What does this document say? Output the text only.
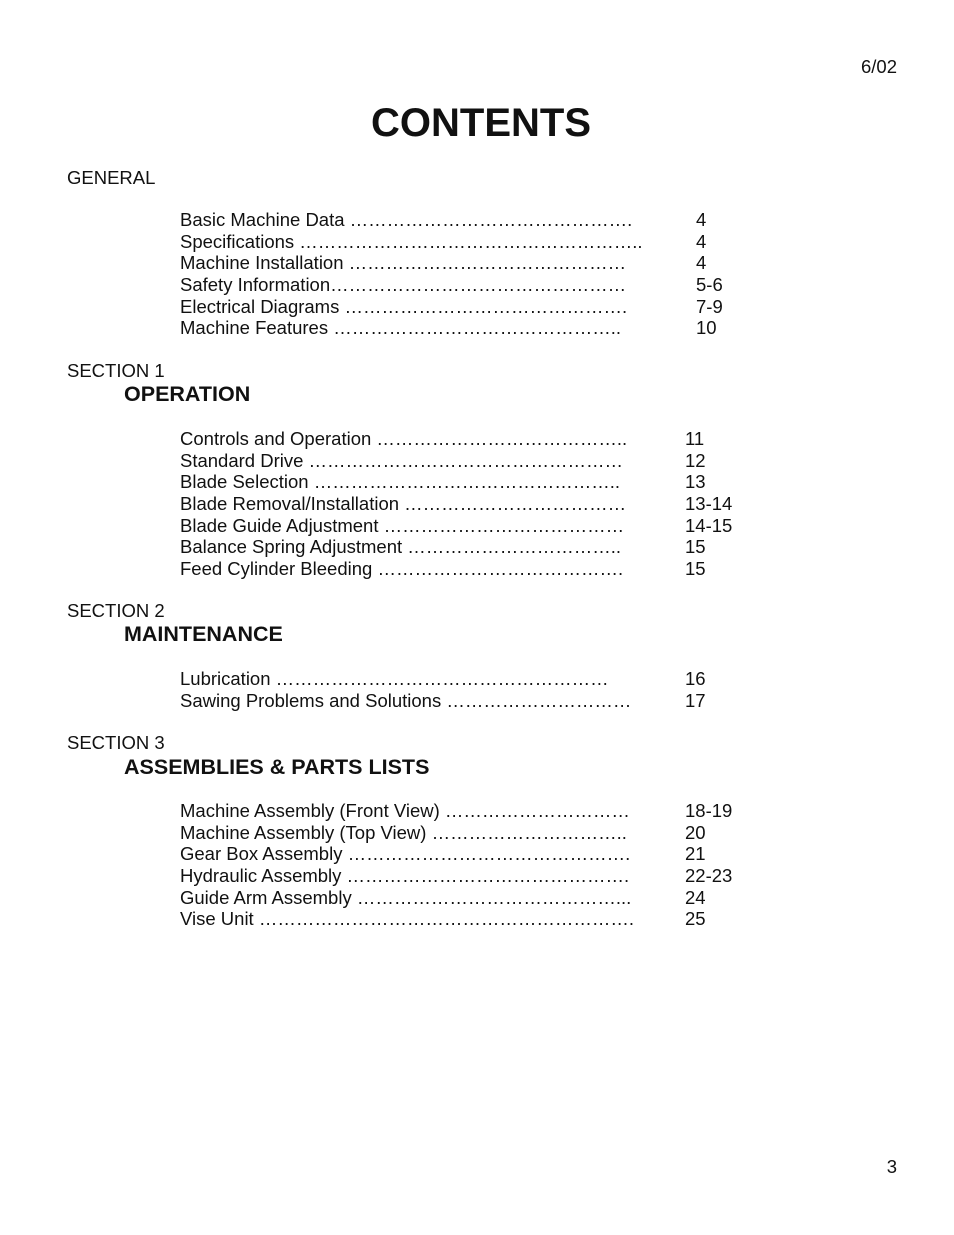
6/02
CONTENTS
GENERAL
Basic Machine Data ……………………………………….	4
Specifications ………………………………………………..	4
Machine Installation ………………………………………	4
Safety Information…………………………………………	5-6
Electrical Diagrams ……………………………………….	7-9
Machine Features ………………………………………..	10
SECTION 1
OPERATION
Controls and Operation …………………………………..	11
Standard Drive ……………………………………………	12
Blade Selection …………………………………………..	13
Blade Removal/Installation ………………………………	13-14
Blade Guide Adjustment …………………………………	14-15
Balance Spring Adjustment ……………………………..	15
Feed Cylinder Bleeding ………………………………….	15
SECTION 2
MAINTENANCE
Lubrication ………………………………………………	16
Sawing Problems and Solutions …………………………	17
SECTION 3
ASSEMBLIES & PARTS LISTS
Machine Assembly (Front View) …………………………	18-19
Machine Assembly (Top View) …………………………..	20
Gear Box Assembly ……………………………………….	21
Hydraulic Assembly ……………………………………….	22-23
Guide Arm Assembly ……………………………………...	24
Vise Unit …………………………………………………….	25
3
